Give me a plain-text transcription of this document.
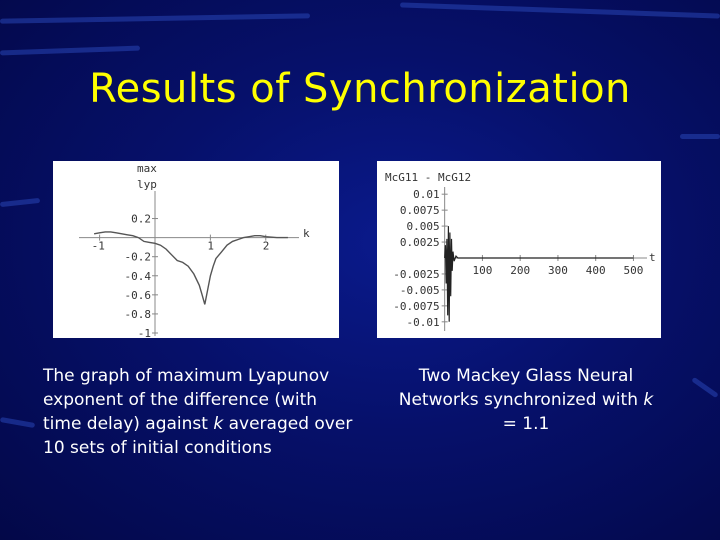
Results of Synchronization
max
lyp
k
-1	1	2
0.2
-0.2
-0.4
-0.6
-0.8
-1
McG11 - McG12
t
100 200 300 400 500
0.01
0.0075
0.005
0.0025
-0.0025
-0.005
-0.0075
-0.01
The graph of maximum Lyapunov exponent of the difference (with time delay) against k averaged over 10 sets of initial conditions
Two Mackey Glass Neural Networks synchronized with k = 1.1
